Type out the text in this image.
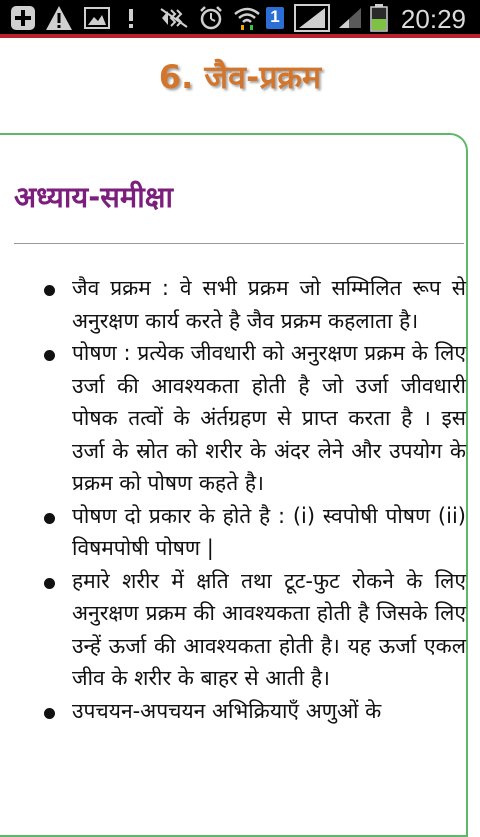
1	20:29
6. जैव-प्रक्रम
अध्याय-समीक्षा
जैव प्रक्रम : वे सभी प्रक्रम जो सम्मिलित रूप से अनुरक्षण कार्य करते है जैव प्रक्रम कहलाता है।
पोषण : प्रत्येक जीवधारी को अनुरक्षण प्रक्रम के लिए उर्जा की आवश्यकता होती है जो उर्जा जीवधारी पोषक तत्वों के अंर्तग्रहण से प्राप्त करता है । इस उर्जा के स्रोत को शरीर के अंदर लेने और उपयोग के प्रक्रम को पोषण कहते है।
पोषण दो प्रकार के होते है : (i) स्वपोषी पोषण (ii) विषमपोषी पोषण |
हमारे शरीर में क्षति तथा टूट-फुट रोकने के लिए अनुरक्षण प्रक्रम की आवश्यकता होती है जिसके लिए उन्हें ऊर्जा की आवश्यकता होती है। यह ऊर्जा एकल जीव के शरीर के बाहर से आती है।
उपचयन-अपचयन अभिक्रियाएँ अणुओं के
